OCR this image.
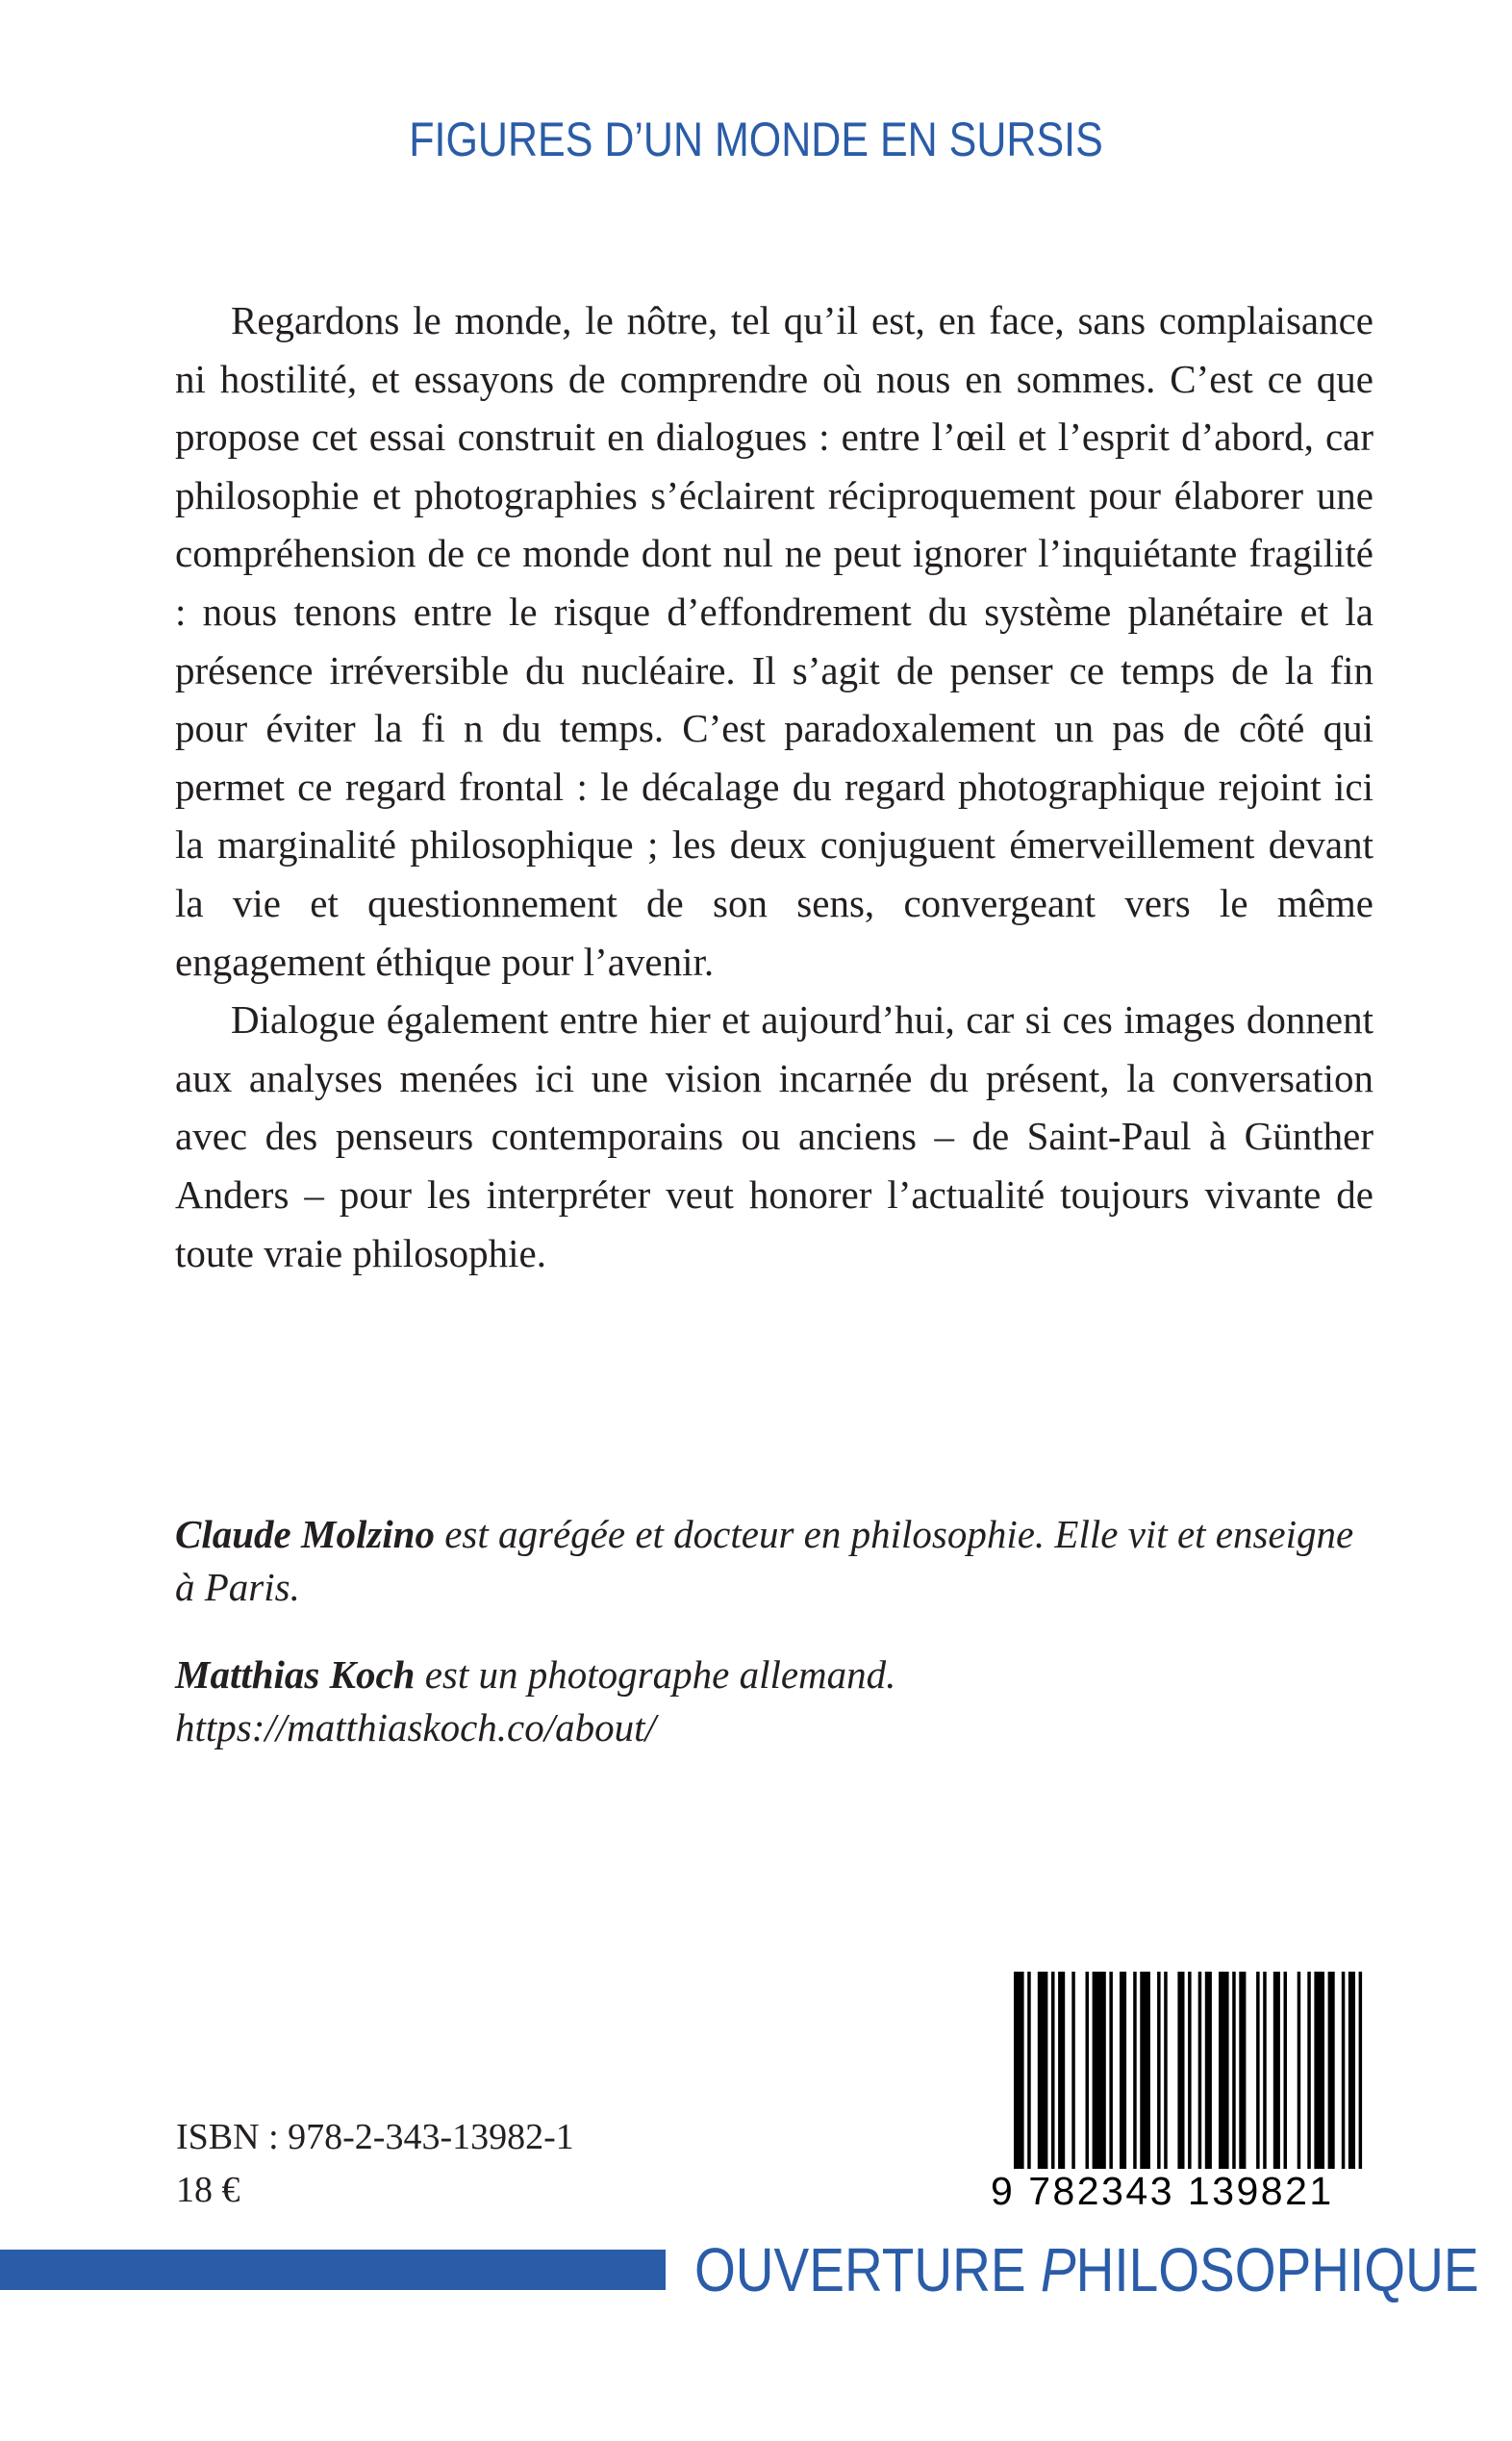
FIGURES D’UN MONDE EN SURSIS

Regardons le monde, le nôtre, tel qu’il est, en face, sans complaisance ni hostilité, et essayons de comprendre où nous en sommes. C’est ce que propose cet essai construit en dialogues : entre l’œil et l’esprit d’abord, car philosophie et photographies s’éclairent réciproquement pour élaborer une compréhension de ce monde dont nul ne peut ignorer l’inquiétante fragilité : nous tenons entre le risque d’effondrement du système planétaire et la présence irréversible du nucléaire. Il s’agit de penser ce temps de la fin pour éviter la fi n du temps. C’est paradoxalement un pas de côté qui permet ce regard frontal : le décalage du regard photographique rejoint ici la marginalité philosophique ; les deux conjuguent émerveillement devant la vie et questionnement de son sens, convergeant vers le même engagement éthique pour l’avenir.

Dialogue également entre hier et aujourd’hui, car si ces images donnent aux analyses menées ici une vision incarnée du présent, la conversation avec des penseurs contemporains ou anciens – de Saint-Paul à Günther Anders – pour les interpréter veut honorer l’actualité toujours vivante de toute vraie philosophie.

Claude Molzino est agrégée et docteur en philosophie. Elle vit et enseigne à Paris.

Matthias Koch est un photographe allemand.
https://matthiaskoch.co/about/

ISBN : 978-2-343-13982-1
18 €	9 782343 139821
OUVERTURE PHILOSOPHIQUE
